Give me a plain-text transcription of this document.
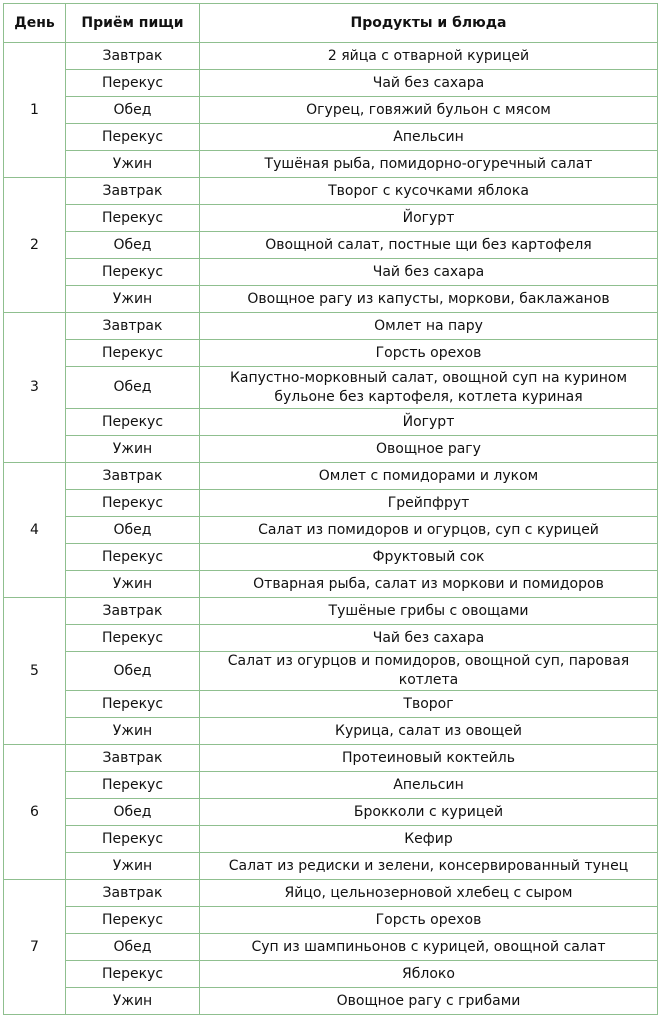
День	Приём пищи	Продукты и блюда
1	Завтрак	2 яйца с отварной курицей
	Перекус	Чай без сахара
	Обед	Огурец, говяжий бульон с мясом
	Перекус	Апельсин
	Ужин	Тушёная рыба, помидорно-огуречный салат
2	Завтрак	Творог с кусочками яблока
	Перекус	Йогурт
	Обед	Овощной салат, постные щи без картофеля
	Перекус	Чай без сахара
	Ужин	Овощное рагу из капусты, моркови, баклажанов
3	Завтрак	Омлет на пару
	Перекус	Горсть орехов
	Обед	Капустно-морковный салат, овощной суп на курином бульоне без картофеля, котлета куриная
	Перекус	Йогурт
	Ужин	Овощное рагу
4	Завтрак	Омлет с помидорами и луком
	Перекус	Грейпфрут
	Обед	Салат из помидоров и огурцов, суп с курицей
	Перекус	Фруктовый сок
	Ужин	Отварная рыба, салат из моркови и помидоров
5	Завтрак	Тушёные грибы с овощами
	Перекус	Чай без сахара
	Обед	Салат из огурцов и помидоров, овощной суп, паровая котлета
	Перекус	Творог
	Ужин	Курица, салат из овощей
6	Завтрак	Протеиновый коктейль
	Перекус	Апельсин
	Обед	Брокколи с курицей
	Перекус	Кефир
	Ужин	Салат из редиски и зелени, консервированный тунец
7	Завтрак	Яйцо, цельнозерновой хлебец с сыром
	Перекус	Горсть орехов
	Обед	Суп из шампиньонов с курицей, овощной салат
	Перекус	Яблоко
	Ужин	Овощное рагу с грибами
